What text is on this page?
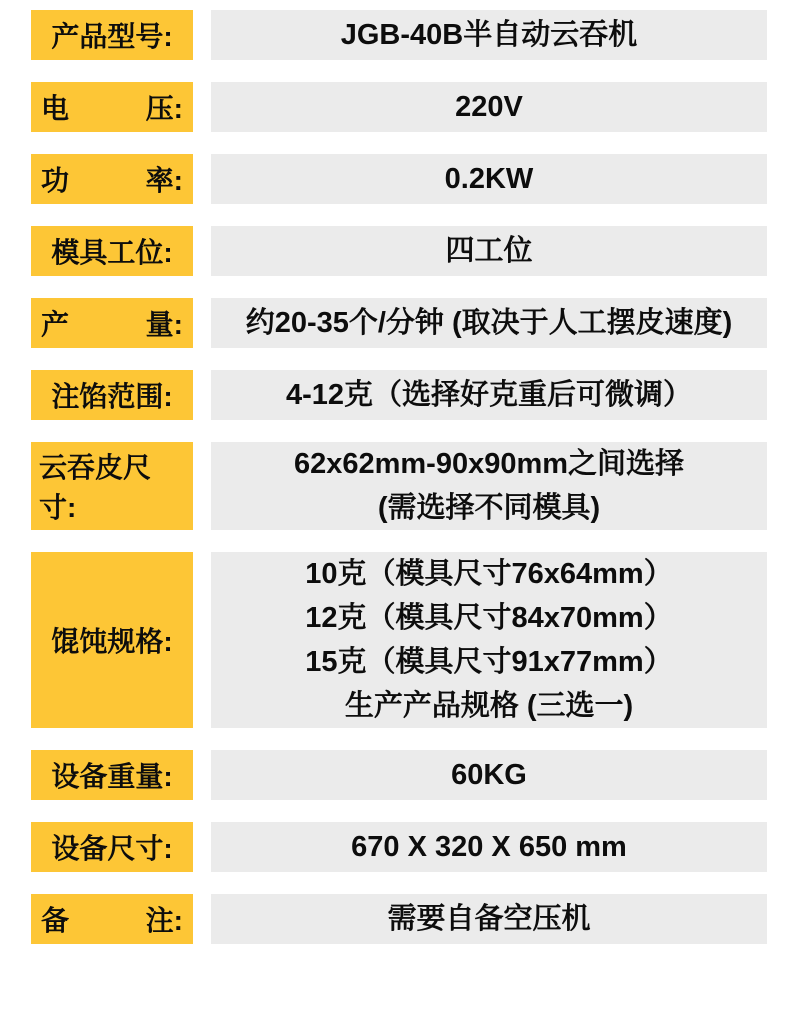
产品型号:	JGB-40B半自动云吞机
电	压:	220V
功	率:	0.2KW
模具工位:	四工位
产	量: 约20-35个/分钟 (取决于人工摆皮速度)
注馅范围:	4-12克（选择好克重后可微调）
云吞皮尺寸:
62x62mm-90x90mm之间选择
(需选择不同模具)
馄饨规格:
10克（模具尺寸76x64mm）
12克（模具尺寸84x70mm）
15克（模具尺寸91x77mm）
生产产品规格 (三选一)
设备重量:	60KG
设备尺寸:	670 X 320 X 650 mm
备	注:	需要自备空压机
